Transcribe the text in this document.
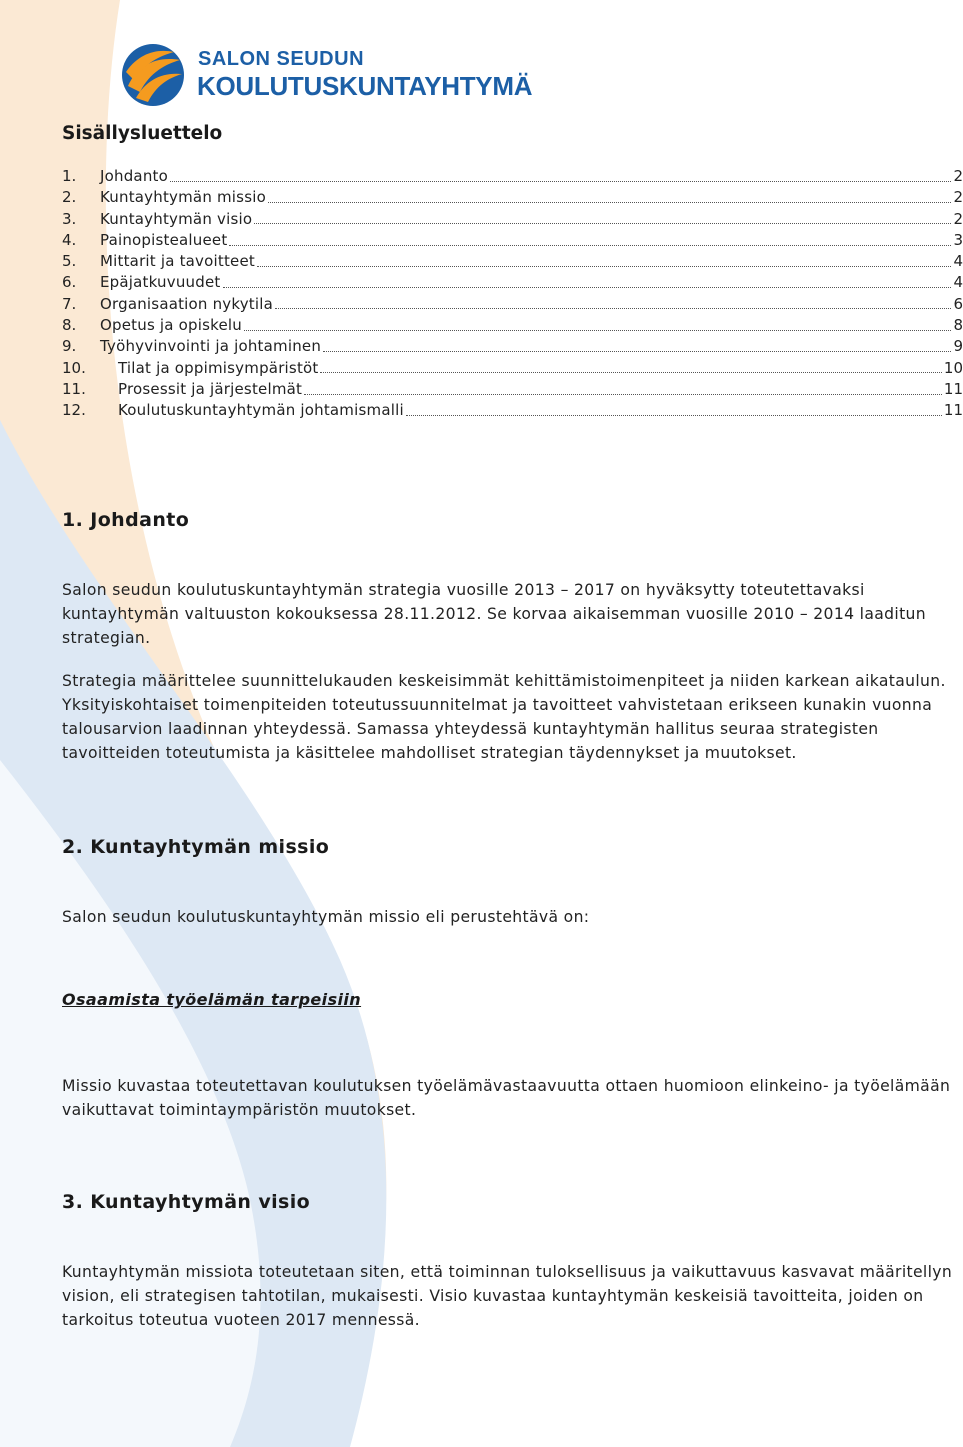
SALON SEUDUN
KOULUTUSKUNTAYHTYMÄ
Sisällysluettelo
1.	Johdanto	2
2.	Kuntayhtymän missio	2
3.	Kuntayhtymän visio	2
4.	Painopistealueet	3
5.	Mittarit ja tavoitteet	4
6.	Epäjatkuvuudet	4
7.	Organisaation nykytila	6
8.	Opetus ja opiskelu	8
9.	Työhyvinvointi ja johtaminen	9
10.	Tilat ja oppimisympäristöt	10
11.	Prosessit ja järjestelmät	11
12.	Koulutuskuntayhtymän johtamismalli	11
1. Johdanto

Salon seudun koulutuskuntayhtymän strategia vuosille 2013 – 2017 on hyväksytty toteutettavaksi kuntayhtymän valtuuston kokouksessa 28.11.2012. Se korvaa aikaisemman vuosille 2010 – 2014 laaditun strategian.

Strategia määrittelee suunnittelukauden keskeisimmät kehittämistoimenpiteet ja niiden karkean aikataulun. Yksityiskohtaiset toimenpiteiden toteutussuunnitelmat ja tavoitteet vahvistetaan erikseen kunakin vuonna talousarvion laadinnan yhteydessä. Samassa yhteydessä kuntayhtymän hallitus seuraa strategisten tavoitteiden toteutumista ja käsittelee mahdolliset strategian täydennykset ja muutokset.

2. Kuntayhtymän missio

Salon seudun koulutuskuntayhtymän missio eli perustehtävä on:

Osaamista työelämän tarpeisiin

Missio kuvastaa toteutettavan koulutuksen työelämävastaavuutta ottaen huomioon elinkeino- ja työelämään vaikuttavat toimintaympäristön muutokset.

3. Kuntayhtymän visio

Kuntayhtymän missiota toteutetaan siten, että toiminnan tuloksellisuus ja vaikuttavuus kasvavat määritellyn vision, eli strategisen tahtotilan, mukaisesti. Visio kuvastaa kuntayhtymän keskeisiä tavoitteita, joiden on tarkoitus toteutua vuoteen 2017 mennessä.
